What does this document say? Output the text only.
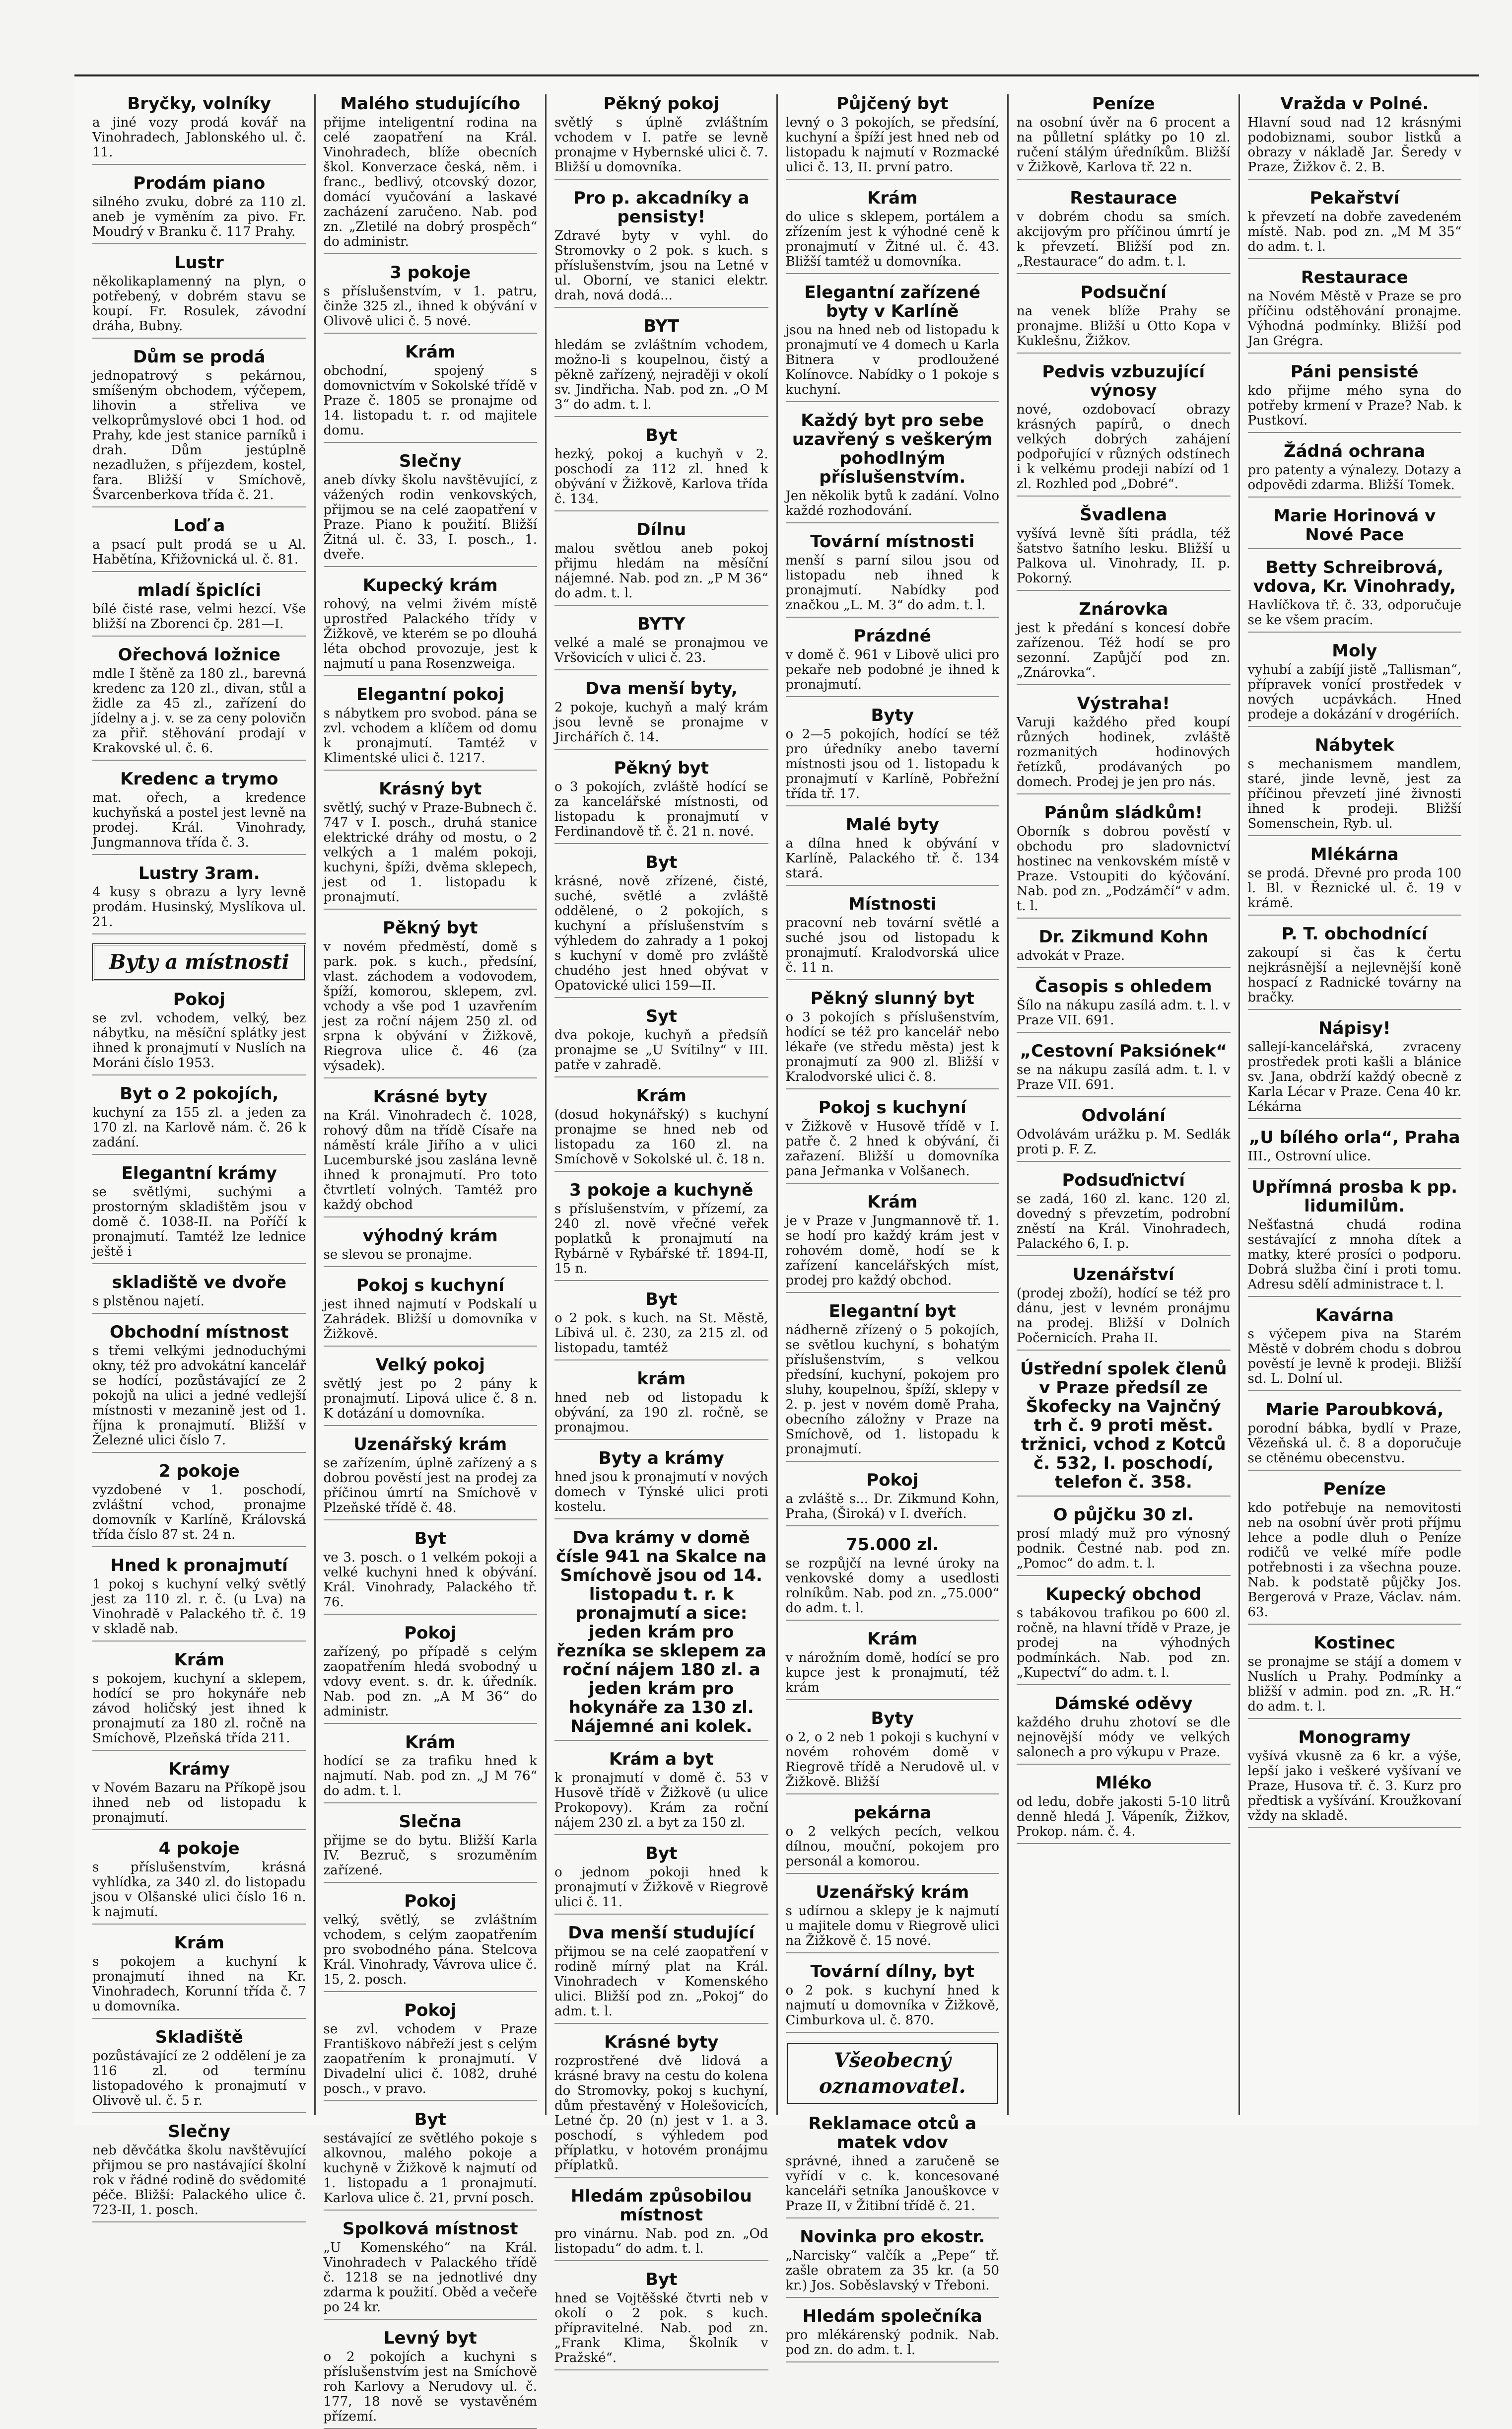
Bryčky, volníky
a jiné vozy prodá kovář na Vinohradech, Jablonského ul. č. 11.
Prodám piano
silného zvuku, dobré za 110 zl. aneb je vyměním za pivo. Fr. Moudrý v Branku č. 117 Prahy.
Lustr
několikaplamenný na plyn, o potřebený, v dobrém stavu se koupí. Fr. Rosulek, závodní dráha, Bubny.
Dům se prodá
jednopatrový s pekárnou, smíšeným obchodem, výčepem, lihovin a střeliva ve velkoprůmyslové obci 1 hod. od Prahy, kde jest stanice parníků i drah. Dům jestúplně nezadlužen, s příjezdem, kostel, fara. Bližší v Smíchově, Švarcenberkova třída č. 21.
Loď a
a psací pult prodá se u Al. Habětína, Křižovnická ul. č. 81.
mladí špiclíci
bílé čisté rase, velmi hezcí. Vše bližší na Zborenci čp. 281—I.
Ořechová ložnice
mdle I štěně za 180 zl., barevná kredenc za 120 zl., divan, stůl a židle za 45 zl., zařízení do jídelny a j. v. se za ceny polovičn za přiř. stěhování prodají v Krakovské ul. č. 6.
Kredenc a trymo
mat. ořech, a kredence kuchyňská a postel jest levně na prodej. Král. Vinohrady, Jungmannova třída č. 3.
Lustry 3ram.
4 kusy s obrazu a lyry levně prodám. Husinský, Myslíkova ul. 21.
Byty a místnosti
Pokoj
se zvl. vchodem, velký, bez nábytku, na měsíční splátky jest ihned k pronajmutí v Nuslích na Moráni číslo 1953.
Byt o 2 pokojích,
kuchyní za 155 zl. a jeden za 170 zl. na Karlově nám. č. 26 k zadání.
Elegantní krámy
se světlými, suchými a prostorným skladištěm jsou v domě č. 1038-II. na Poříčí k pronajmutí. Tamtéž lze lednice ještě i
skladiště ve dvoře
s plstěnou najetí.
Obchodní místnost
s třemi velkými jednoduchými okny, též pro advokátní kancelář se hodící, pozůstávající ze 2 pokojů na ulici a jedné vedlejší místnosti v mezanině jest od 1. října k pronajmutí. Bližší v Železné ulici číslo 7.
2 pokoje
vyzdobené v 1. poschodí, zvláštní vchod, pronajme domovník v Karlíně, Královská třída číslo 87 st. 24 n.
Hned k pronajmutí
1 pokoj s kuchyní velký světlý jest za 110 zl. r. č. (u Lva) na Vinohradě v Palackého tř. č. 19 v skladě nab.
Krám
s pokojem, kuchyní a sklepem, hodící se pro hokynáře neb závod holičský jest ihned k pronajmutí za 180 zl. ročně na Smíchově, Plzeňská třída 211.
Krámy
v Novém Bazaru na Příkopě jsou ihned neb od listopadu k pronajmutí.
4 pokoje
s příslušenstvím, krásná vyhlídka, za 340 zl. do listopadu jsou v Olšanské ulici číslo 16 n. k najmutí.
Krám
s pokojem a kuchyní k pronajmutí ihned na Kr. Vinohradech, Korunní třída č. 7 u domovníka.
Skladiště
pozůstávající ze 2 oddělení je za 116 zl. od termínu listopadového k pronajmutí v Olivově ul. č. 5 r.
Slečny
neb děvčátka školu navštěvující přijmou se pro nastávající školní rok v řádné rodině do svědomité péče. Bližší: Palackého ulice č. 723-II, 1. posch.
Malého studujícího
přijme inteligentní rodina na celé zaopatření na Král. Vinohradech, blíže obecních škol. Konverzace česká, něm. i franc., bedlivý, otcovský dozor, domácí vyučování a laskavé zacházení zaručeno. Nab. pod zn. „Zletilé na dobrý prospěch“ do administr.
3 pokoje
s příslušenstvím, v 1. patru, činže 325 zl., ihned k obývání v Olivově ulici č. 5 nové.
Krám
obchodní, spojený s domovnictvím v Sokolské třídě v Praze č. 1805 se pronajme od 14. listopadu t. r. od majitele domu.
Slečny
aneb dívky školu navštěvující, z vážených rodin venkovských, přijmou se na celé zaopatření v Praze. Piano k použití. Bližší Žitná ul. č. 33, I. posch., 1. dveře.
Kupecký krám
rohový, na velmi živém místě uprostřed Palackého třídy v Žižkově, ve kterém se po dlouhá léta obchod provozuje, jest k najmutí u pana Rosenzweiga.
Elegantní pokoj
s nábytkem pro svobod. pána se zvl. vchodem a klíčem od domu k pronajmutí. Tamtéž v Klimentské ulici č. 1217.
Krásný byt
světlý, suchý v Praze-Bubnech č. 747 v I. posch., druhá stanice elektrické dráhy od mostu, o 2 velkých a 1 malém pokoji, kuchyni, špíži, dvěma sklepech, jest od 1. listopadu k pronajmutí.
Pěkný byt
v novém předměstí, domě s park. pok. s kuch., předsíní, vlast. záchodem a vodovodem, špíží, komorou, sklepem, zvl. vchody a vše pod 1 uzavřením jest za roční nájem 250 zl. od srpna k obývání v Žižkově, Riegrova ulice č. 46 (za výsadek).
Krásné byty
na Král. Vinohradech č. 1028, rohový dům na třídě Císaře na náměstí krále Jiřího a v ulici Lucemburské jsou zaslána levně ihned k pronajmutí. Pro toto čtvrtletí volných. Tamtéž pro každý obchod
výhodný krám
se slevou se pronajme.
Pokoj s kuchyní
jest ihned najmutí v Podskalí u Zahrádek. Bližší u domovníka v Žižkově.
Velký pokoj
světlý jest po 2 pány k pronajmutí. Lipová ulice č. 8 n. K dotázání u domovníka.
Uzenářský krám
se zařízením, úplně zařízený a s dobrou pověstí jest na prodej za příčinou úmrtí na Smíchově v Plzeňské třídě č. 48.
Byt
ve 3. posch. o 1 velkém pokoji a velké kuchyni hned k obývání. Král. Vinohrady, Palackého tř. 76.
Pokoj
zařízený, po případě s celým zaopatřením hledá svobodný u vdovy event. s. dr. k. úředník. Nab. pod zn. „A M 36“ do administr.
Krám
hodící se za trafiku hned k najmutí. Nab. pod zn. „J M 76“ do adm. t. l.
Slečna
přijme se do bytu. Bližší Karla IV. Bezruč, s srozuměním zařízené.
Pokoj
velký, světlý, se zvláštním vchodem, s celým zaopatřením pro svobodného pána. Stelcova Král. Vinohrady, Vávrova ulice č. 15, 2. posch.
Pokoj
se zvl. vchodem v Praze Františkovo nábřeží jest s celým zaopatřením k pronajmutí. V Divadelní ulici č. 1082, druhé posch., v pravo.
Byt
sestávající ze světlého pokoje s alkovnou, malého pokoje a kuchyně v Žižkově k najmutí od 1. listopadu a 1 pronajmutí. Karlova ulice č. 21, první posch.
Spolková místnost
„U Komenského“ na Král. Vinohradech v Palackého třídě č. 1218 se na jednotlivé dny zdarma k použití. Oběd a večeře po 24 kr.
Levný byt
o 2 pokojích a kuchyni s příslušenstvím jest na Smíchově roh Karlovy a Nerudovy ul. č. 177, 18 nově se vystavěném přízemí.
Pěkný pokoj
světlý s úplně zvláštním vchodem v I. patře se levně pronajme v Hybernské ulici č. 7. Bližší u domovníka.
Pro p. akcadníky a pensisty!
Zdravé byty v vyhl. do Stromovky o 2 pok. s kuch. s příslušenstvím, jsou na Letné v ul. Oborní, ve stanici elektr. drah, nová dodá...
BYT
hledám se zvláštním vchodem, možno-li s koupelnou, čistý a pěkně zařízený, nejraději v okolí sv. Jindřicha. Nab. pod zn. „O M 3“ do adm. t. l.
Byt
hezký, pokoj a kuchyň v 2. poschodí za 112 zl. hned k obývání v Žižkově, Karlova třída č. 134.
Dílnu
malou světlou aneb pokoj přijmu hledám na měsíční nájemné. Nab. pod zn. „P M 36“ do adm. t. l.
BYTY
velké a malé se pronajmou ve Vršovicích v ulici č. 23.
Dva menší byty,
2 pokoje, kuchyň a malý krám jsou levně se pronajme v Jirchářích č. 14.
Pěkný byt
o 3 pokojích, zvláště hodící se za kancelářské místnosti, od listopadu k pronajmutí v Ferdinandově tř. č. 21 n. nové.
Byt
krásné, nově zřízené, čisté, suché, světlé a zvláště oddělené, o 2 pokojích, s kuchyní a příslušenstvím s výhledem do zahrady a 1 pokoj s kuchyní v domě pro zvláště chudého jest hned obývat v Opatovické ulici 159—II.
Syt
dva pokoje, kuchyň a předsíň pronajme se „U Svítilny“ v III. patře v zahradě.
Krám
(dosud hokynářský) s kuchyní pronajme se hned neb od listopadu za 160 zl. na Smíchově v Sokolské ul. č. 18 n.
3 pokoje a kuchyně
s příslušenstvím, v přízemí, za 240 zl. nově vřečné veřek poplatků k pronajmutí na Rybárně v Rybářské tř. 1894-II, 15 n.
Byt
o 2 pok. s kuch. na St. Městě, Líbivá ul. č. 230, za 215 zl. od listopadu, tamtéž
krám
hned neb od listopadu k obývání, za 190 zl. ročně, se pronajmou.
Byty a krámy
hned jsou k pronajmutí v nových domech v Týnské ulici proti kostelu.
Dva krámy v domě čísle 941 na Skalce na Smíchově jsou od 14. listopadu t. r. k pronajmutí a sice: jeden krám pro řezníka se sklepem za roční nájem 180 zl. a jeden krám pro hokynáře za 130 zl. Nájemné ani kolek.
Krám a byt
k pronajmutí v domě č. 53 v Husově třídě v Žižkově (u ulice Prokopovy). Krám za roční nájem 230 zl. a byt za 150 zl.
Byt
o jednom pokoji hned k pronajmutí v Žižkově v Riegrově ulici č. 11.
Dva menší studující
přijmou se na celé zaopatření v rodině mírný plat na Král. Vinohradech v Komenského ulici. Bližší pod zn. „Pokoj“ do adm. t. l.
Krásné byty
rozprostřené dvě lidová a krásné bravy na cestu do kolena do Stromovky, pokoj s kuchyní, dům přestavěný v Holešovicích, Letné čp. 20 (n) jest v 1. a 3. poschodí, s výhledem pod příplatku, v hotovém pronájmu příplatků.
Hledám způsobilou místnost
pro vinárnu. Nab. pod zn. „Od listopadu“ do adm. t. l.
Byt
hned se Vojtěšské čtvrti neb v okolí o 2 pok. s kuch. přípravitelné. Nab. pod zn. „Frank Klima, Školník v Pražské“.
Půjčený byt
levný o 3 pokojích, se předsíní, kuchyní a špíží jest hned neb od listopadu k najmutí v Rozmacké ulici č. 13, II. první patro.
Krám
do ulice s sklepem, portálem a zřízením jest k výhodné ceně k pronajmutí v Žitné ul. č. 43. Bližší tamtéž u domovníka.
Elegantní zařízené byty v Karlíně
jsou na hned neb od listopadu k pronajmutí ve 4 domech u Karla Bitnera v prodloužené Kolínovce. Nabídky o 1 pokoje s kuchyní.
Každý byt pro sebe uzavřený s veškerým pohodlným příslušenstvím.
Jen několik bytů k zadání. Volno každé rozhodování.
Tovární místnosti
menší s parní silou jsou od listopadu neb ihned k pronajmutí. Nabídky pod značkou „L. M. 3“ do adm. t. l.
Prázdné
v domě č. 961 v Libově ulici pro pekaře neb podobné je ihned k pronajmutí.
Byty
o 2—5 pokojích, hodící se též pro úředníky anebo taverní místnosti jsou od 1. listopadu k pronajmutí v Karlíně, Pobřežní třída tř. 17.
Malé byty
a dílna hned k obývání v Karlíně, Palackého tř. č. 134 stará.
Místnosti
pracovní neb tovární světlé a suché jsou od listopadu k pronajmutí. Kralodvorská ulice č. 11 n.
Pěkný slunný byt
o 3 pokojích s příslušenstvím, hodící se též pro kancelář nebo lékaře (ve středu města) jest k pronajmutí za 900 zl. Bližší v Kralodvorské ulici č. 8.
Pokoj s kuchyní
v Žižkově v Husově třídě v I. patře č. 2 hned k obývání, či zařazení. Bližší u domovníka pana Jeřmanka v Volšanech.
Krám
je v Praze v Jungmannově tř. 1. se hodí pro každý krám jest v rohovém domě, hodí se k zařízení kancelářských míst, prodej pro každý obchod.
Elegantní byt
nádherně zřízený o 5 pokojích, se světlou kuchyní, s bohatým příslušenstvím, s velkou předsíní, kuchyní, pokojem pro sluhy, koupelnou, špíží, sklepy v 2. p. jest v novém domě Praha, obecního záložny v Praze na Smíchově, od 1. listopadu k pronajmutí.
Pokoj
a zvláště s... Dr. Zikmund Kohn, Praha, (Široká) v I. dveřích.
75.000 zl.
se rozpůjčí na levné úroky na venkovské domy a usedlosti rolníkům. Nab. pod zn. „75.000“ do adm. t. l.
Krám
v nárožním domě, hodící se pro kupce jest k pronajmutí, též krám
Byty
o 2, o 2 neb 1 pokoji s kuchyní v novém rohovém domě v Riegrově třídě a Nerudově ul. v Žižkově. Bližší
pekárna
o 2 velkých pecích, velkou dílnou, mouční, pokojem pro personál a komorou.
Uzenářský krám
s udírnou a sklepy je k najmutí u majitele domu v Riegrově ulici na Žižkově č. 15 nové.
Tovární dílny, byt
o 2 pok. s kuchyní hned k najmutí u domovníka v Žižkově, Cimburkova ul. č. 870.
Všeobecný oznamovatel.
Reklamace otců a matek vdov
správné, ihned a zaručeně se vyřídí v c. k. koncesované kanceláři setníka Janouškovce v Praze II, v Žitibní třídě č. 21.
Novinka pro ekostr.
„Narcisky“ valčík a „Pepe“ tř. zašle obratem za 35 kr. (a 50 kr.) Jos. Soběslavský v Třeboni.
Hledám společníka
pro mlékárenský podnik. Nab. pod zn. do adm. t. l.
Peníze
na osobní úvěr na 6 procent a na půlletní splátky po 10 zl. ručení stálým úředníkům. Bližší v Žižkově, Karlova tř. 22 n.
Restaurace
v dobrém chodu sa smích. akcijovým pro příčinou úmrtí je k převzetí. Bližší pod zn. „Restaurace“ do adm. t. l.
Podsuční
na venek blíže Prahy se pronajme. Bližší u Otto Kopa v Kuklešnu, Žižkov.
Pedvis vzbuzující výnosy
nové, ozdobovací obrazy krásných papírů, o dnech velkých dobrých zahájení podpořující v různých odstínech i k velkému prodeji nabízí od 1 zl. Rozhled pod „Dobré“.
Švadlena
vyšívá levně šíti prádla, též šatstvo šatního lesku. Bližší u Palkova ul. Vinohrady, II. p. Pokorný.
Znárovka
jest k předání s koncesí dobře zařízenou. Též hodí se pro sezonní. Zapůjčí pod zn. „Znárovka“.
Výstraha!
Varuji každého před koupí různých hodinek, zvláště rozmanitých hodinových řetízků, prodávaných po domech. Prodej je jen pro nás.
Pánům sládkům!
Oborník s dobrou pověstí v obchodu pro sladovnictví hostinec na venkovském místě v Praze. Vstoupiti do kýčování. Nab. pod zn. „Podzámčí“ v adm. t. l.
Dr. Zikmund Kohn
advokát v Praze.
Časopis s ohledem
Šílo na nákupu zasílá adm. t. l. v Praze VII. 691.
„Cestovní Paksiónek“
se na nákupu zasílá adm. t. l. v Praze VII. 691.
Odvolání
Odvolávám urážku p. M. Sedlák proti p. F. Z.
Podsuďnictví
se zadá, 160 zl. kanc. 120 zl. dovedný s převzetím, podrobní zněstí na Král. Vinohradech, Palackého 6, I. p.
Uzenářství
(prodej zboží), hodící se též pro dánu, jest v levném pronájmu na prodej. Bližší v Dolních Počernicích. Praha II.
Ústřední spolek členů v Praze předsíl ze Škofecky na Vajnčný trh č. 9 proti měst. tržnici, vchod z Kotců č. 532, I. poschodí, telefon č. 358.
O půjčku 30 zl.
prosí mladý muž pro výnosný podnik. Čestné nab. pod zn. „Pomoc“ do adm. t. l.
Kupecký obchod
s tabákovou trafikou po 600 zl. ročně, na hlavní třídě v Praze, je prodej na výhodných podmínkách. Nab. pod zn. „Kupectví“ do adm. t. l.
Dámské oděvy
každého druhu zhotoví se dle nejnovější módy ve velkých salonech a pro výkupu v Praze.
Mléko
od ledu, dobře jakosti 5-10 litrů denně hledá J. Vápeník, Žižkov, Prokop. nám. č. 4.
Vražda v Polné.
Hlavní soud nad 12 krásnými podobiznami, soubor listků a obrazy v nákladě Jar. Šeredy v Praze, Žižkov č. 2. B.
Pekařství
k převzetí na dobře zavedeném místě. Nab. pod zn. „M M 35“ do adm. t. l.
Restaurace
na Novém Městě v Praze se pro příčinu odstěhování pronajme. Výhodná podmínky. Bližší pod Jan Grégra.
Páni pensisté
kdo přijme mého syna do potřeby krmení v Praze? Nab. k Pustkoví.
Žádná ochrana
pro patenty a výnalezy. Dotazy a odpovědi zdarma. Bližší Tomek.
Marie Horinová v Nové Pace
Betty Schreibrová, vdova, Kr. Vinohrady,
Havlíčkova tř. č. 33, odporučuje se ke všem pracím.
Moly
vyhubí a zabíjí jistě „Tallisman“, přípravek vonící prostředek v nových ucpávkách. Hned prodeje a dokázání v drogériích.
Nábytek
s mechanismem mandlem, staré, jinde levně, jest za příčinou převzetí jiné živnosti ihned k prodeji. Bližší Somenschein, Ryb. ul.
Mlékárna
se prodá. Dřevné pro proda 100 l. Bl. v Řeznické ul. č. 19 v krámě.
P. T. obchodnící
zakoupí si čas k čertu nejkrásnější a nejlevnější koně hospací z Radnické továrny na bračky.
Nápisy!
sallejí-kancelářská, zvraceny prostředek proti kašli a blánice sv. Jana, obdrží každý obecně z Karla Lécar v Praze. Cena 40 kr. Lékárna
„U bílého orla“, Praha
III., Ostrovní ulice.
Upřímná prosba k pp. lidumilům.
Nešťastná chudá rodina sestávající z mnoha dítek a matky, které prosíci o podporu. Dobrá služba činí i proti tomu. Adresu sdělí administrace t. l.
Kavárna
s výčepem piva na Starém Městě v dobrém chodu s dobrou pověstí je levně k prodeji. Bližší sd. L. Dolní ul.
Marie Paroubková,
porodní bábka, bydlí v Praze, Vězeňská ul. č. 8 a doporučuje se ctěnému obecenstvu.
Peníze
kdo potřebuje na nemovitosti neb na osobní úvěr proti příjmu lehce a podle dluh o Peníze rodičů ve velké míře podle potřebnosti i za všechna pouze. Nab. k podstatě půjčky Jos. Bergerová v Praze, Václav. nám. 63.
Kostinec
se pronajme se stájí a domem v Nuslích u Prahy. Podmínky a bližší v admin. pod zn. „R. H.“ do adm. t. l.
Monogramy
vyšívá vkusně za 6 kr. a výše, lepší jako i veškeré vyšívaní ve Praze, Husova tř. č. 3. Kurz pro předtisk a vyšívání. Kroužkovaní vždy na skladě.
